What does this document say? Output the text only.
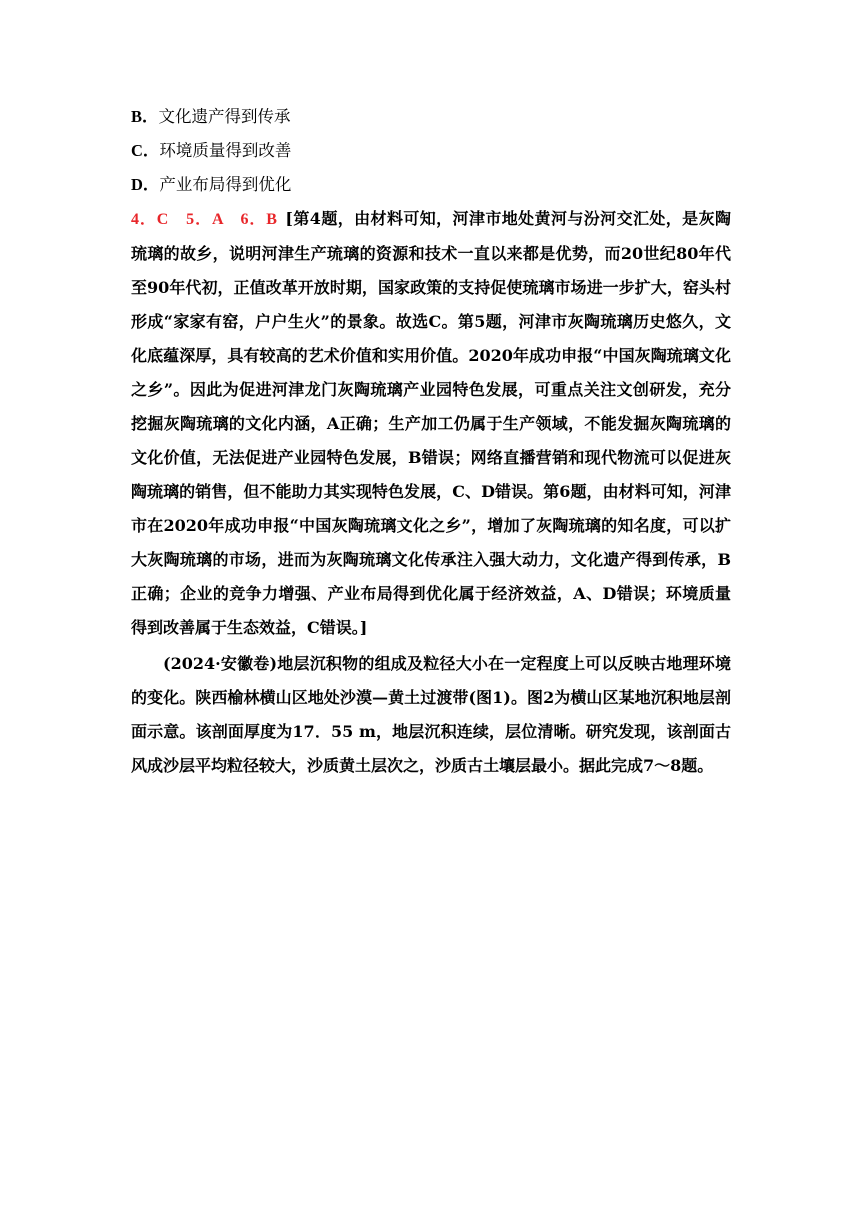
B．文化遗产得到传承
C．环境质量得到改善
D．产业布局得到优化
4．C　5．A　6．B [第4题，由材料可知，河津市地处黄河与汾河交汇处，是灰陶琉璃的故乡，说明河津生产琉璃的资源和技术一直以来都是优势，而20世纪80年代至90年代初，正值改革开放时期，国家政策的支持促使琉璃市场进一步扩大，窑头村形成“家家有窑，户户生火”的景象。故选C。第5题，河津市灰陶琉璃历史悠久，文化底蕴深厚，具有较高的艺术价值和实用价值。2020年成功申报“中国灰陶琉璃文化之乡”。因此为促进河津龙门灰陶琉璃产业园特色发展，可重点关注文创研发，充分挖掘灰陶琉璃的文化内涵，A正确；生产加工仍属于生产领域，不能发掘灰陶琉璃的文化价值，无法促进产业园特色发展，B错误；网络直播营销和现代物流可以促进灰陶琉璃的销售，但不能助力其实现特色发展，C、D错误。第6题，由材料可知，河津市在2020年成功申报“中国灰陶琉璃文化之乡”，增加了灰陶琉璃的知名度，可以扩大灰陶琉璃的市场，进而为灰陶琉璃文化传承注入强大动力，文化遗产得到传承，B正确；企业的竞争力增强、产业布局得到优化属于经济效益，A、D错误；环境质量得到改善属于生态效益，C错误。]
(2024·安徽卷)地层沉积物的组成及粒径大小在一定程度上可以反映古地理环境的变化。陕西榆林横山区地处沙漠—黄土过渡带(图1)。图2为横山区某地沉积地层剖面示意。该剖面厚度为17．55 m，地层沉积连续，层位清晰。研究发现，该剖面古风成沙层平均粒径较大，沙质黄土层次之，沙质古土壤层最小。据此完成7～8题。
